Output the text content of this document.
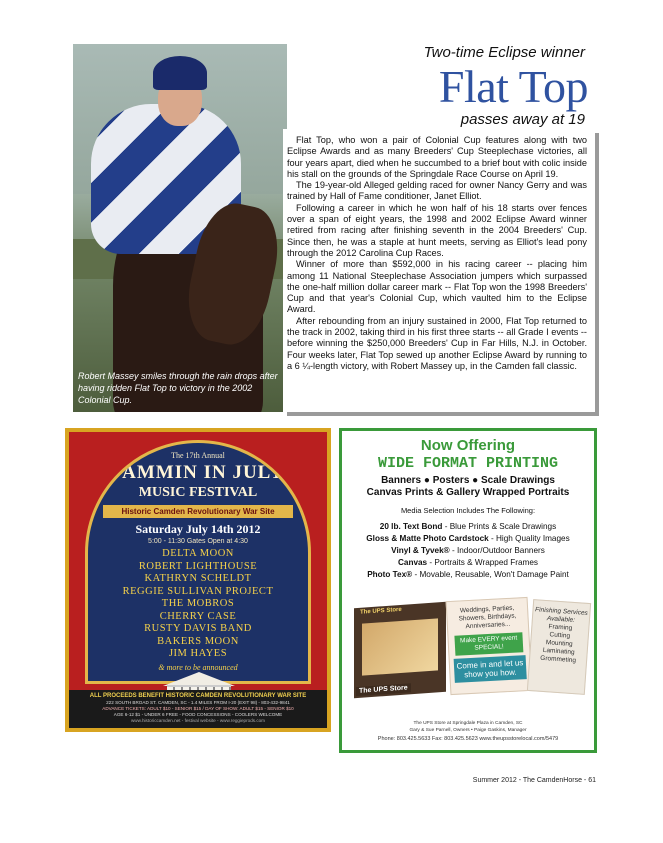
Robert Massey smiles through the rain drops after having ridden Flat Top to victory in the 2002 Colonial Cup.
Two-time Eclipse winner
Flat Top
passes away at 19

Flat Top, who won a pair of Colonial Cup features along with two Eclipse Awards and as many Breeders' Cup Steeplechase victories, all four years apart, died when he succumbed to a brief bout with colic inside his stall on the grounds of the Springdale Race Course on April 19.

The 19-year-old Alleged gelding raced for owner Nancy Gerry and was trained by Hall of Fame conditioner, Janet Elliot.

Following a career in which he won half of his 18 starts over fences over a span of eight years, the 1998 and 2002 Eclipse Award winner retired from racing after finishing seventh in the 2004 Breeders' Cup. Since then, he was a staple at hunt meets, serving as Elliot's lead pony through the 2012 Carolina Cup Races.

Winner of more than $592,000 in his racing career -- placing him among 11 National Steeplechase Association jumpers which surpassed the one-half million dollar career mark -- Flat Top won the 1998 Breeders' Cup and that year's Colonial Cup, which vaulted him to the Eclipse Award.

After rebounding from an injury sustained in 2000, Flat Top returned to the track in 2002, taking third in his first three starts -- all Grade I events -- before winning the $250,000 Breeders' Cup in Far Hills, N.J. in October. Four weeks later, Flat Top sewed up another Eclipse Award by running to a 6 ¼-length victory, with Robert Massey up, in the Camden fall classic.

The 17th Annual
JAMMIN IN JULY
MUSIC FESTIVAL
Historic Camden Revolutionary War Site
Saturday July 14th 2012
5:00 - 11:30 Gates Open at 4:30
DELTA MOON
ROBERT LIGHTHOUSE
KATHRYN SCHELDT
REGGIE SULLIVAN PROJECT
THE MOBROS
CHERRY CASE
RUSTY DAVIS BAND
BAKERS MOON
JIM HAYES
& more to be announced
ALL PROCEEDS BENEFIT HISTORIC CAMDEN REVOLUTIONARY WAR SITE
222 SOUTH BROAD ST. CAMDEN, SC - 1.4 MILES FROM I-20 (EXIT 98) - 803-432-9841
ADVANCE TICKETS: ADULT $10 - SENIOR $15 / DAY OF SHOW: ADULT $15 - SENIOR $10
AGE 6-12 $1 - UNDER 6 FREE - FOOD CONCESSIONS - COOLERS WELCOME
www.historiccamden.net - festival website - www.reggieprods.com
Now Offering
WIDE FORMAT PRINTING
Banners ● Posters ● Scale Drawings
Canvas Prints & Gallery Wrapped Portraits
Media Selection Includes The Following:
20 lb. Text Bond - Blue Prints & Scale Drawings
Gloss & Matte Photo Cardstock - High Quality Images
Vinyl & Tyvek® - Indoor/Outdoor Banners
Canvas - Portraits & Wrapped Frames
Photo Tex® - Movable, Reusable, Won't Damage Paint
The UPS Store
The UPS Store
Weddings, Parties, Showers, Birthdays, Anniversaries...
Make EVERY event SPECIAL!
Come in and let us show you how.
Finishing Services Available:
Framing
Cutting
Mounting
Laminating
Grommeting
The UPS Store at Springdale Plaza in Camden, SC
Gary & Sue Parnell, Owners • Paige Gaskins, Manager
Phone: 803.425.5633 Fax: 803.425.5623 www.theupsstorelocal.com/5479
Summer 2012 - The CamdenHorse - 61
